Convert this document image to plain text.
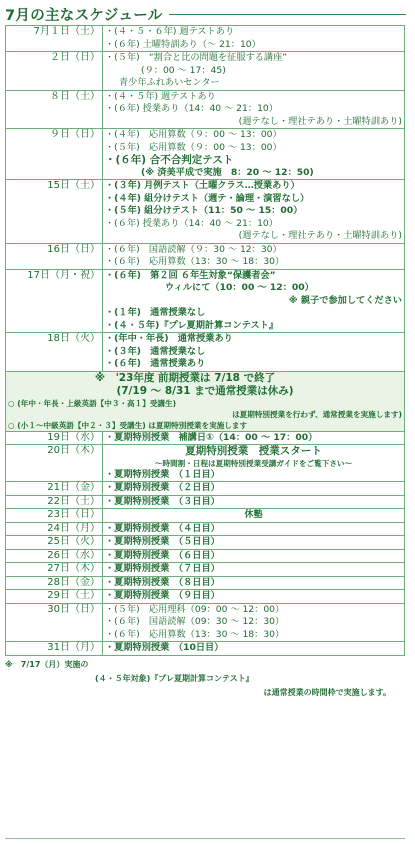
7月の主なスケジュール
7月１日（土）	・(４・５・６年) 週テストあり
・(６年) 土曜特訓あり（～ 21：10）

２日（日）	・(５年)　“割合と比の問題を征服する講座”
(９：00 ～ 17：45)
青少年ふれあいセンター

８日（土）	・(４・５年) 週テストあり
・(６年) 授業あり（14：40 ～ 21：10）
(週テなし・理社テあり・土曜特訓あり)

９日（日）	・(４年)　応用算数（９：00 ～ 13：00）
・(５年)　応用算数（９：00 ～ 13：00）
・(６年) 合不合判定テスト
(※ 済美平成で実施　8：20 ～ 12：50)

15日（土）	・(３年) 月例テスト（土曜クラス…授業あり）
・(４年) 組分けテスト（週テ・論理・演習なし）
・(５年) 組分けテスト（11：50 ～ 15：00）
・(６年) 授業あり（14：40 ～ 21：10）
(週テなし・理社テあり・土曜特訓あり)

16日（日）	・(６年)　国語読解（９：30 ～ 12：30）
・(６年)　応用算数（13：30 ～ 18：30）

17日（月・祝）	・(６年)　第２回 ６年生対象“保護者会”
ウィルにて（10：00 ～ 12：00）
※ 親子で参加してください
・(１年)　通常授業なし
・(４・５年)『プレ夏期計算コンテスト』

18日（火）	・(年中・年長)　通常授業あり
・(３年)　通常授業なし
・(６年)　通常授業あり

※　'23年度 前期授業は 7/18 で終了
(7/19 ～ 8/31 まで通常授業は休み)
○ (年中・年長・上級英語【中３・高１】受講生)
は夏期特別授業を行わず、通常授業を実施します)
○ (小１～中級英語【中２・３】受講生) は夏期特別授業を実施します	

19日（水）	・夏期特別授業　補講日①（14：00 ～ 17：00）

20日（木）	夏期特別授業　授業スタート
～時間割・日程は夏期特別授業受講ガイドをご覧下さい～
・夏期特別授業　（１日目）

21日（金）	・夏期特別授業　（２日目）

22日（土）	・夏期特別授業　（３日目）

23日（日）	休塾

24日（月）	・夏期特別授業　（４日目）

25日（火）	・夏期特別授業　（５日目）

26日（水）	・夏期特別授業　（６日目）

27日（木）	・夏期特別授業　（７日目）

28日（金）	・夏期特別授業　（８日目）

29日（土）	・夏期特別授業　（９日目）

30日（日）	・(５年)　応用理科（09：00 ～ 12：00）
・(６年)　国語読解（09：30 ～ 12：30）
・(６年)　応用算数（13：30 ～ 18：30）

31日（月）	・夏期特別授業　（10日目）
※　7/17（月）実施の
(４・５年対象)『プレ夏期計算コンテスト』
は通常授業の時間枠で実施します。
